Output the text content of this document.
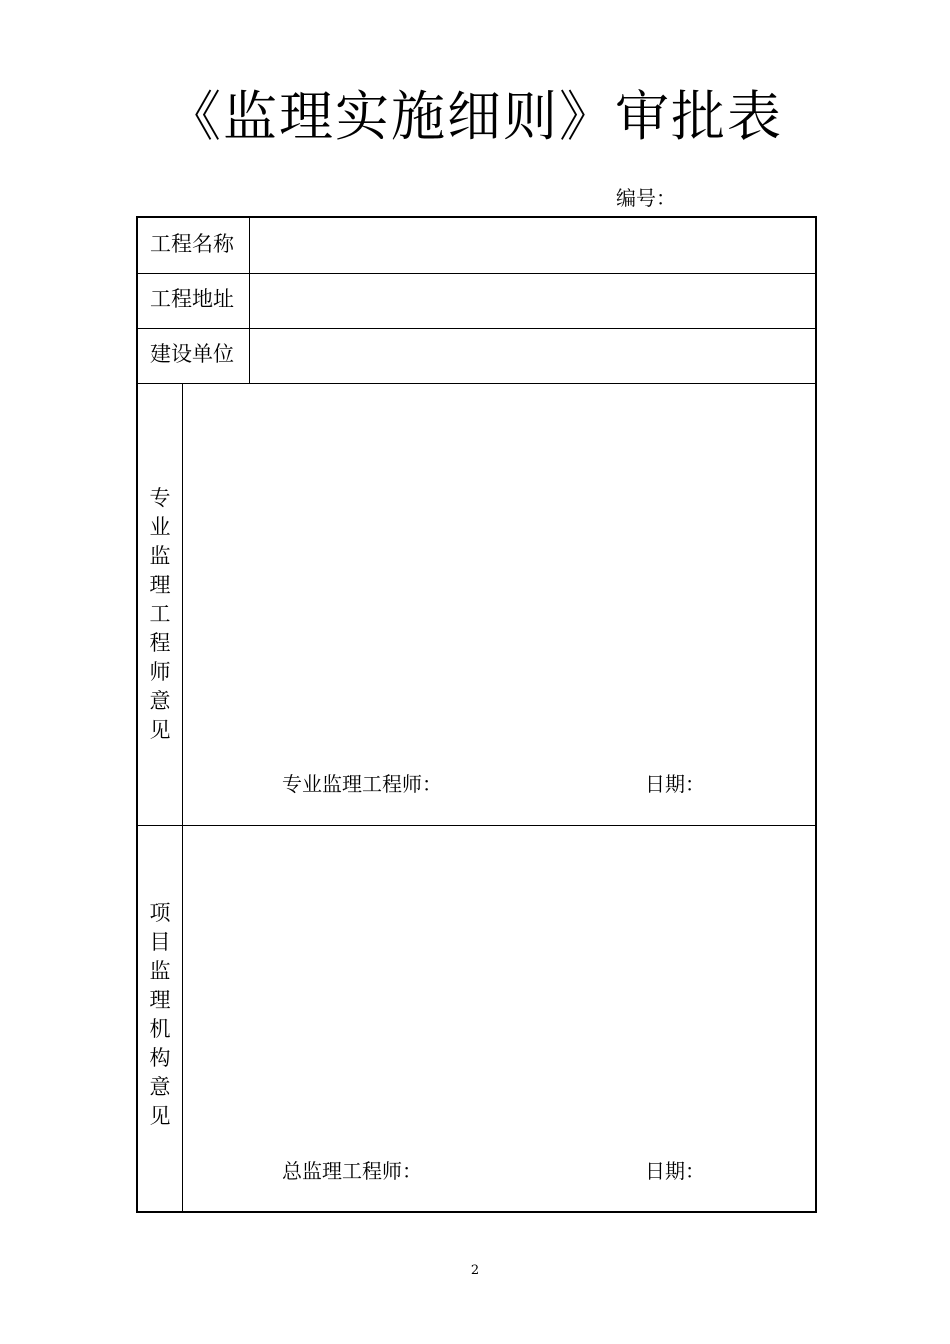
《监理实施细则》审批表
编号：
工程名称
工程地址
建设单位
专
业
监
理
工
程
师
意
见
专业监理工程师：	日期：
项
目
监
理
机
构
意
见
总监理工程师：	日期：
2
